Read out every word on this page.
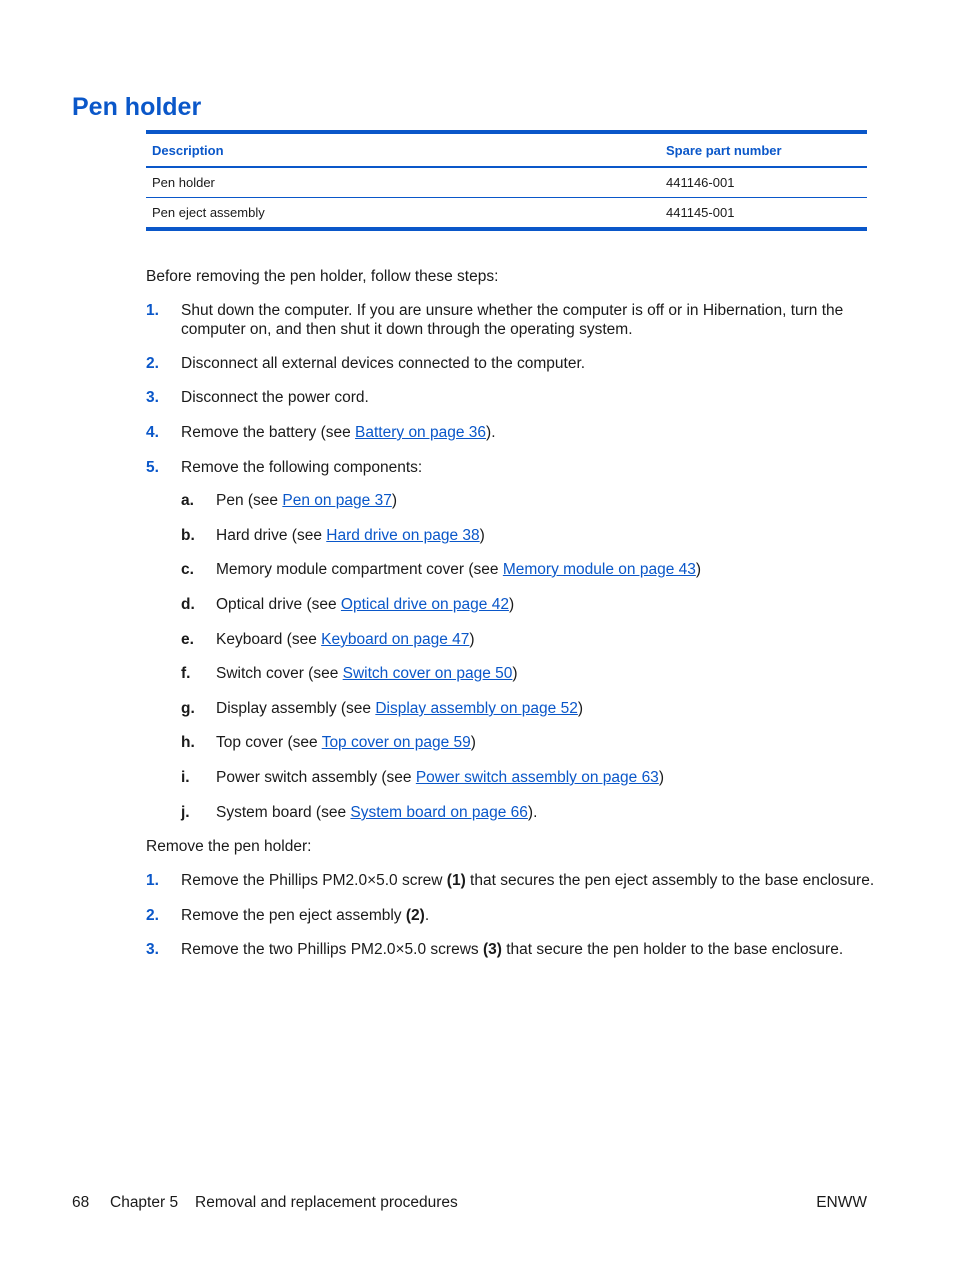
Pen holder
Description	Spare part number
Pen holder	441146-001
Pen eject assembly	441145-001

Before removing the pen holder, follow these steps:

1. Shut down the computer. If you are unsure whether the computer is off or in Hibernation, turn the computer on, and then shut it down through the operating system.
2. Disconnect all external devices connected to the computer.
3. Disconnect the power cord.
4. Remove the battery (see Battery on page 36).
5. Remove the following components:
a. Pen (see Pen on page 37)
b. Hard drive (see Hard drive on page 38)
c. Memory module compartment cover (see Memory module on page 43)
d. Optical drive (see Optical drive on page 42)
e. Keyboard (see Keyboard on page 47)
f. Switch cover (see Switch cover on page 50)
g. Display assembly (see Display assembly on page 52)
h. Top cover (see Top cover on page 59)
i. Power switch assembly (see Power switch assembly on page 63)
j. System board (see System board on page 66).

Remove the pen holder:

1. Remove the Phillips PM2.0×5.0 screw (1) that secures the pen eject assembly to the base enclosure.
2. Remove the pen eject assembly (2).
3. Remove the two Phillips PM2.0×5.0 screws (3) that secure the pen holder to the base enclosure.
68 Chapter 5 Removal and replacement procedures	ENWW
